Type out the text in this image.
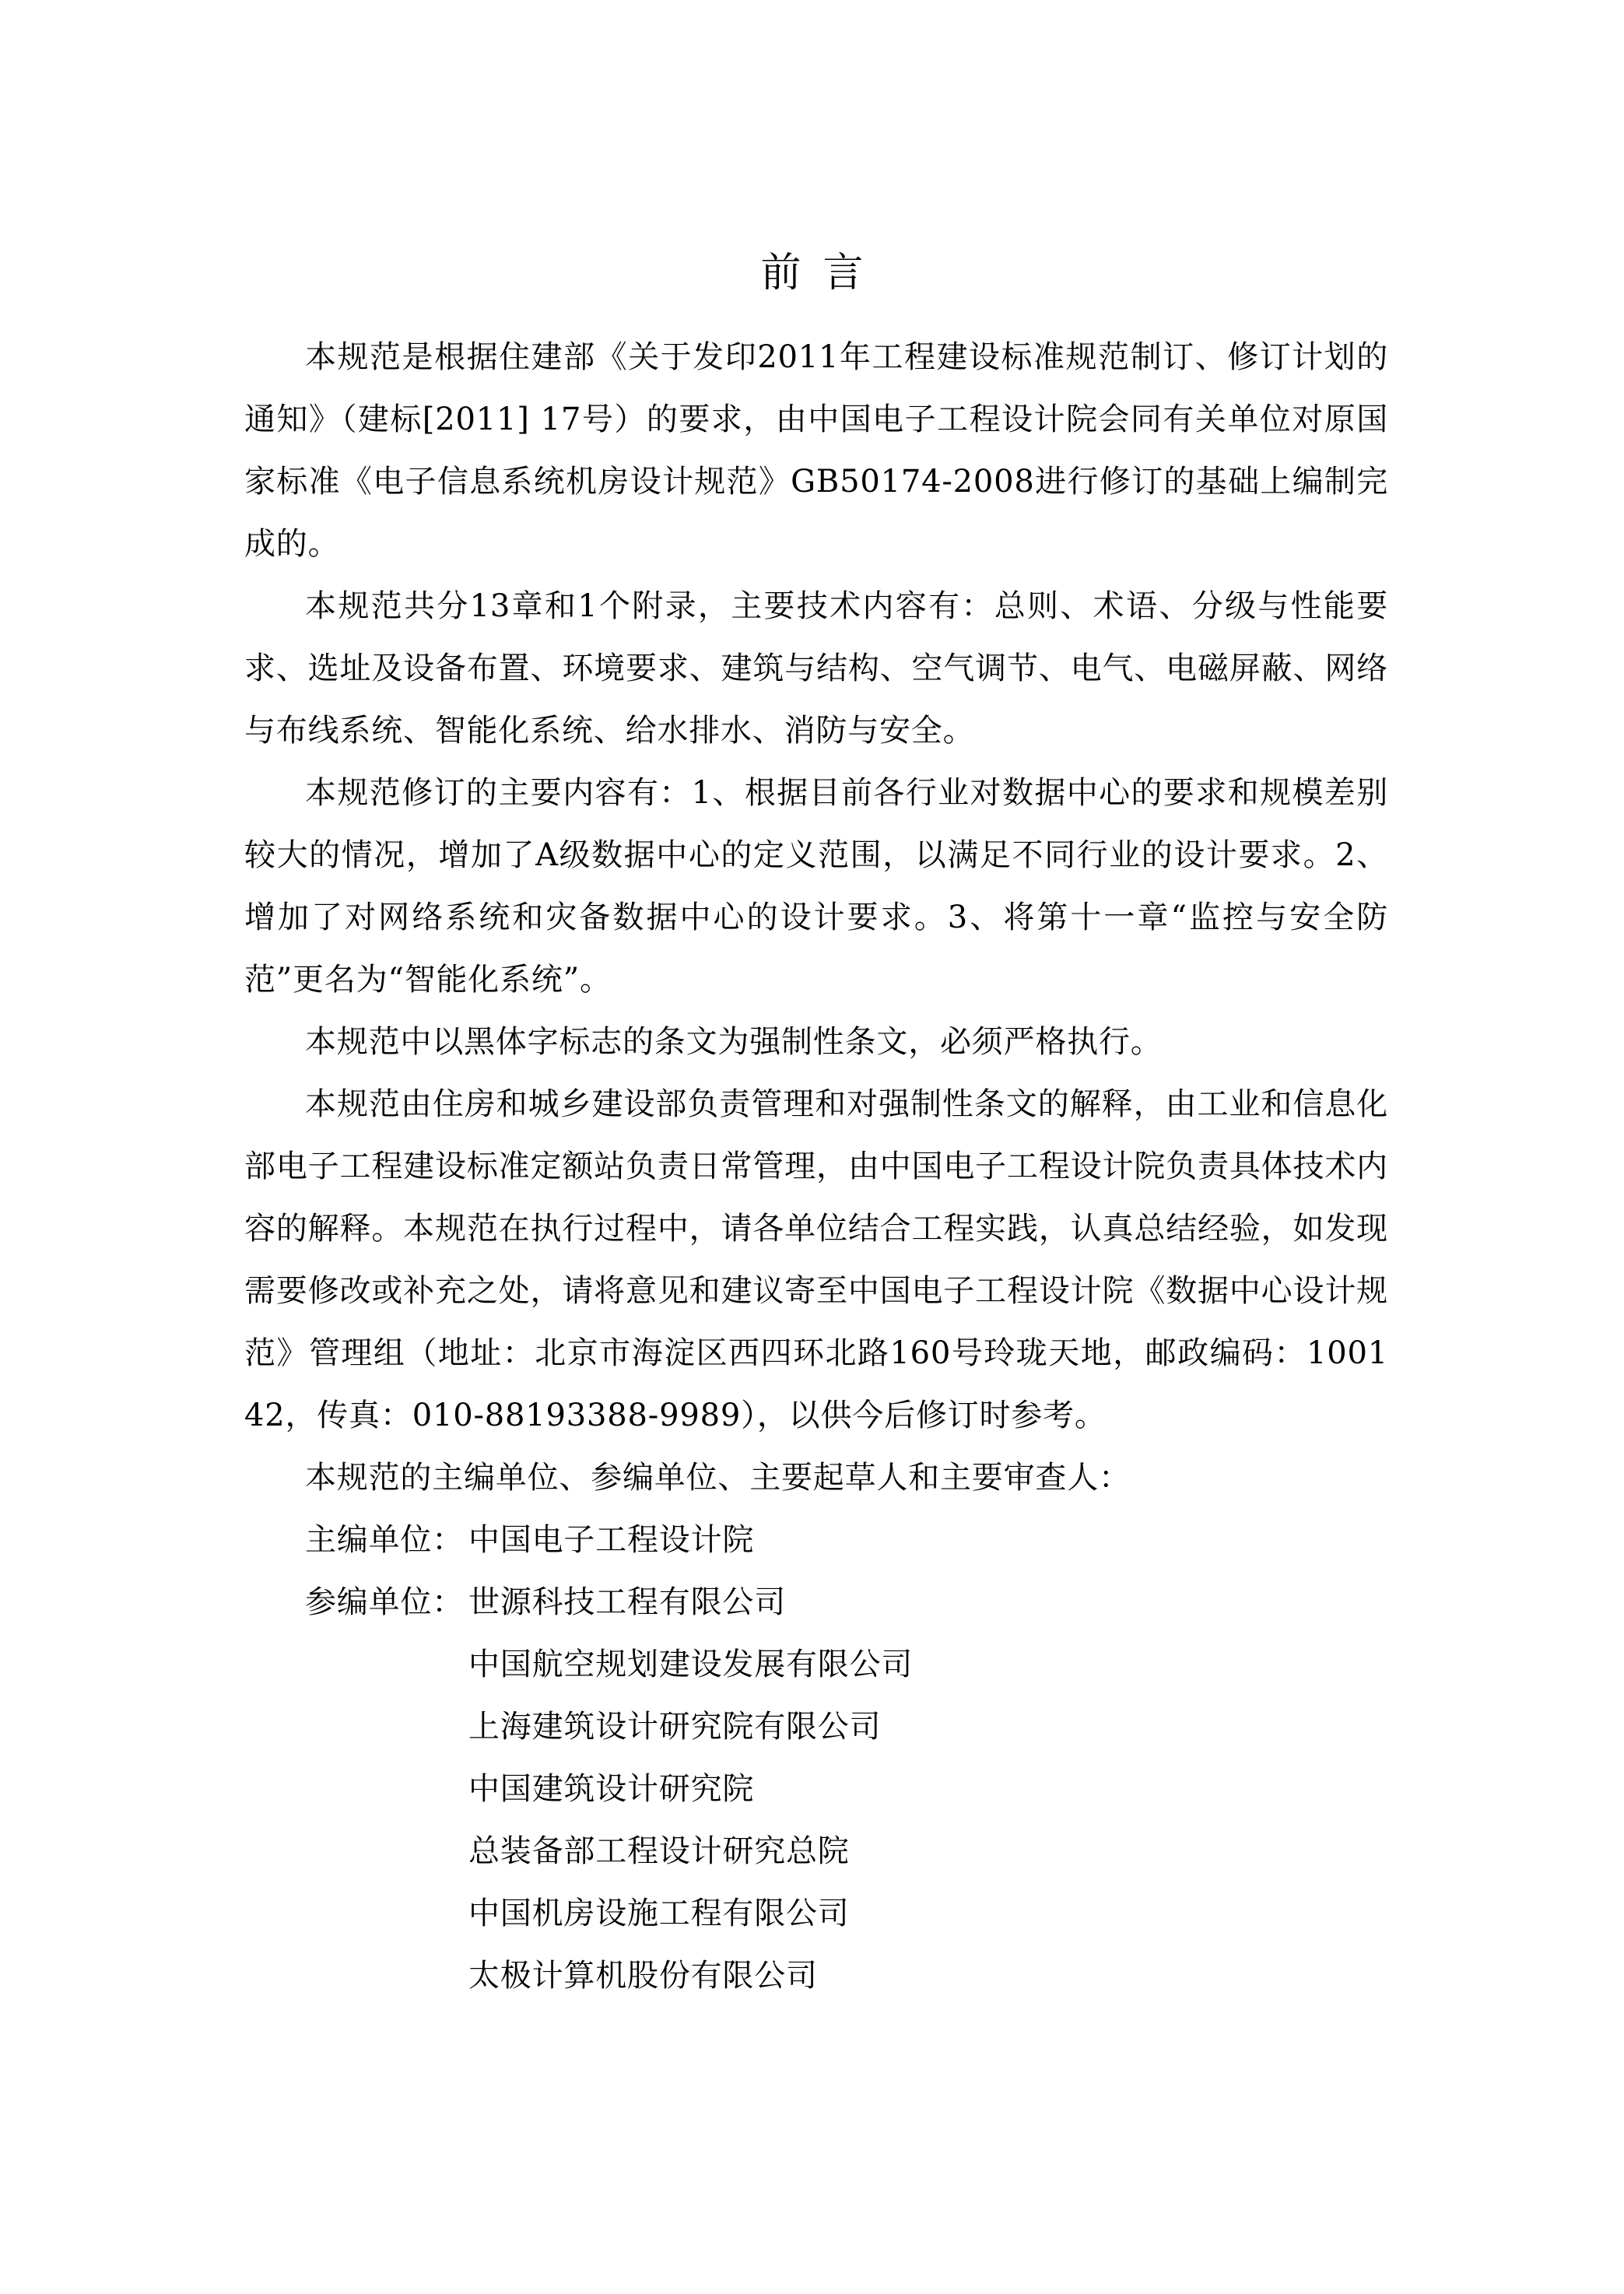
前 言

本规范是根据住建部《关于发印2011年工程建设标准规范制订、修订计划的通知》（建标[2011] 17号）的要求，由中国电子工程设计院会同有关单位对原国家标准《电子信息系统机房设计规范》GB50174-2008进行修订的基础上编制完成的。

本规范共分13章和1个附录，主要技术内容有：总则、术语、分级与性能要求、选址及设备布置、环境要求、建筑与结构、空气调节、电气、电磁屏蔽、网络与布线系统、智能化系统、给水排水、消防与安全。

本规范修订的主要内容有：1、根据目前各行业对数据中心的要求和规模差别较大的情况，增加了A级数据中心的定义范围，以满足不同行业的设计要求。2、增加了对网络系统和灾备数据中心的设计要求。3、将第十一章“监控与安全防范”更名为“智能化系统”。

本规范中以黑体字标志的条文为强制性条文，必须严格执行。

本规范由住房和城乡建设部负责管理和对强制性条文的解释，由工业和信息化部电子工程建设标准定额站负责日常管理，由中国电子工程设计院负责具体技术内容的解释。本规范在执行过程中，请各单位结合工程实践，认真总结经验，如发现需要修改或补充之处，请将意见和建议寄至中国电子工程设计院《数据中心设计规范》管理组（地址：北京市海淀区西四环北路160号玲珑天地，邮政编码：100142，传真：010-88193388-9989），以供今后修订时参考。

本规范的主编单位、参编单位、主要起草人和主要审查人：

主编单位： 中国电子工程设计院
参编单位： 世源科技工程有限公司
中国航空规划建设发展有限公司
上海建筑设计研究院有限公司
中国建筑设计研究院
总装备部工程设计研究总院
中国机房设施工程有限公司
太极计算机股份有限公司
